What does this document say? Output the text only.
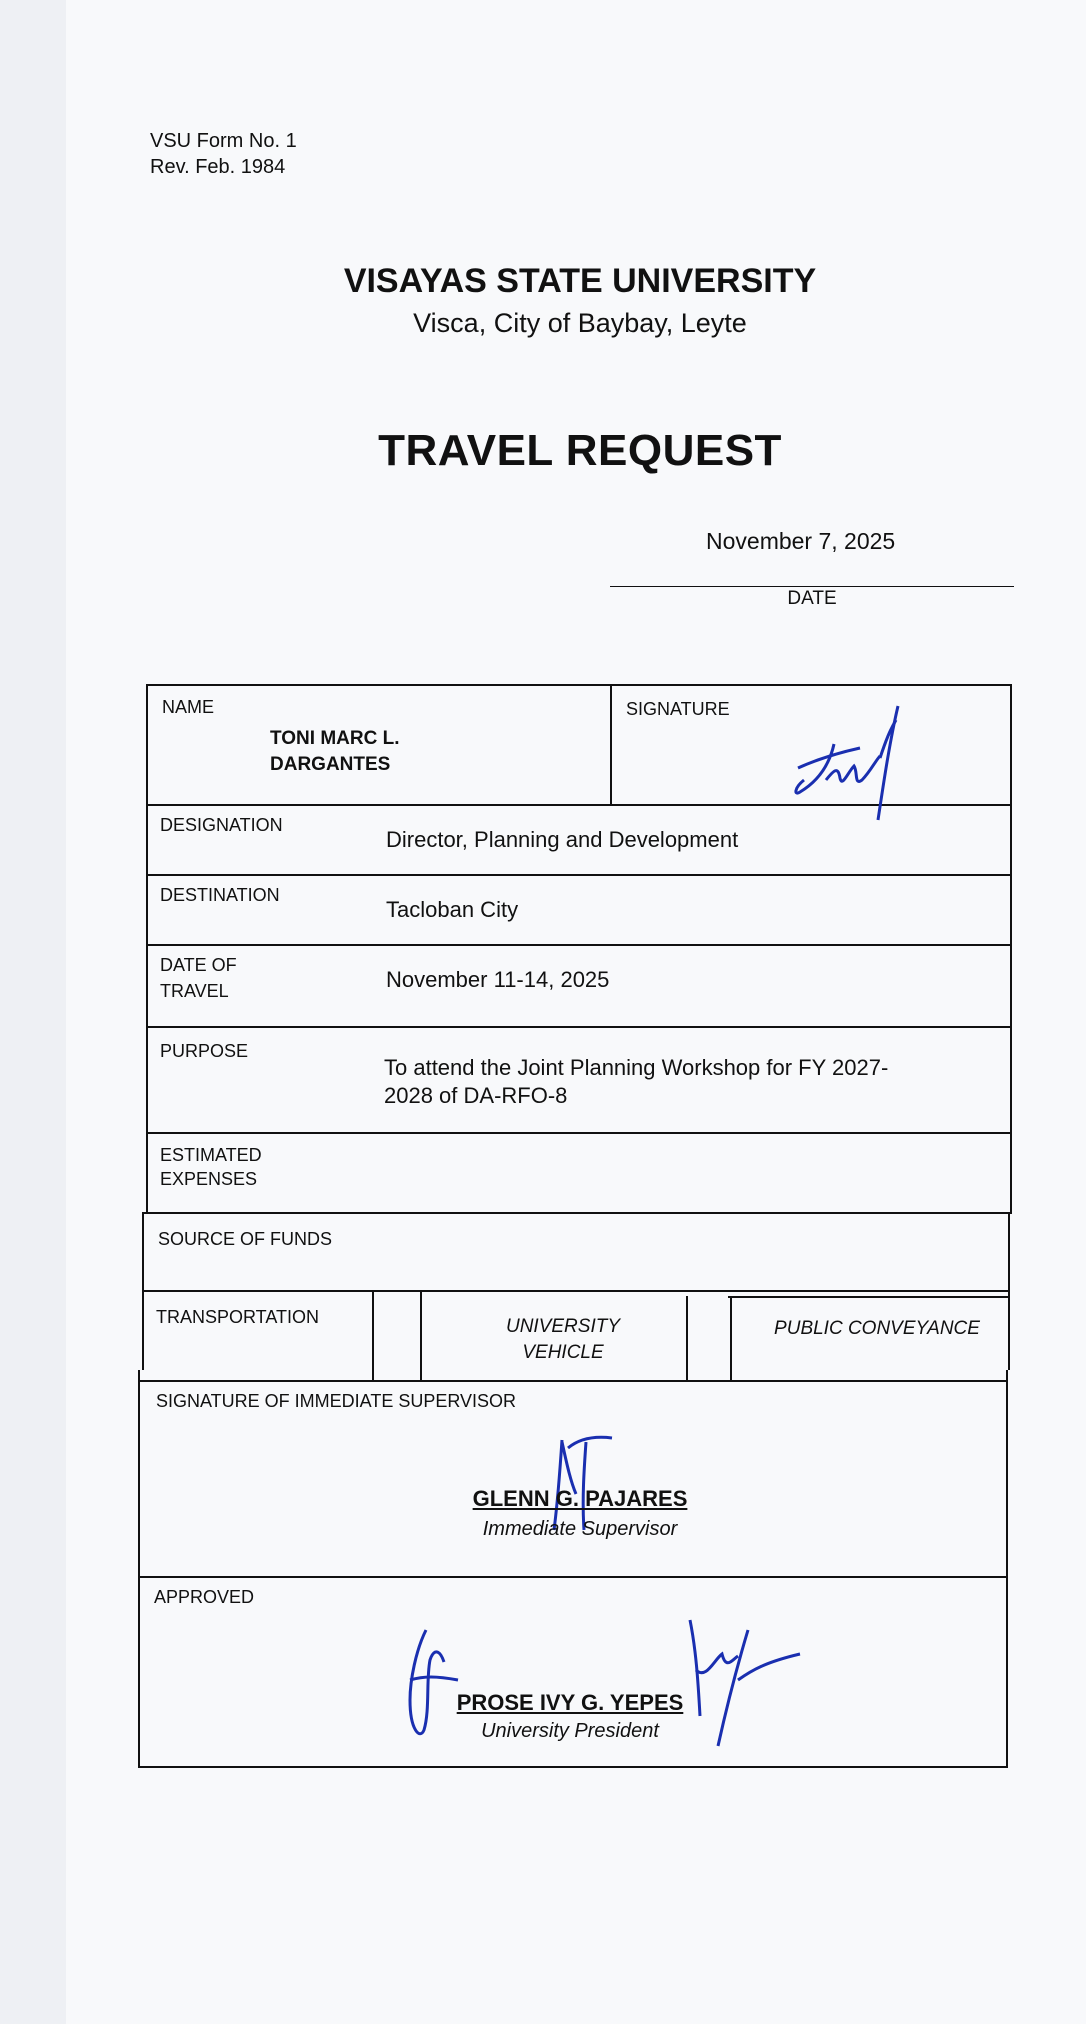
VSU Form No. 1
Rev. Feb. 1984
VISAYAS STATE UNIVERSITY
Visca, City of Baybay, Leyte
TRAVEL REQUEST
November 7, 2025
DATE
NAME
TONI MARC L.
DARGANTES
SIGNATURE
DESIGNATION
Director, Planning and Development
DESTINATION
Tacloban City
DATE OF
TRAVEL	November 11-14, 2025
PURPOSE
To attend the Joint Planning Workshop for FY 2027-
2028 of DA-RFO-8
ESTIMATED
EXPENSES
SOURCE OF FUNDS
TRANSPORTATION	UNIVERSITY
VEHICLE
PUBLIC CONVEYANCE
SIGNATURE OF IMMEDIATE SUPERVISOR
GLENN G. PAJARES
Immediate Supervisor
APPROVED
PROSE IVY G. YEPES
University President
